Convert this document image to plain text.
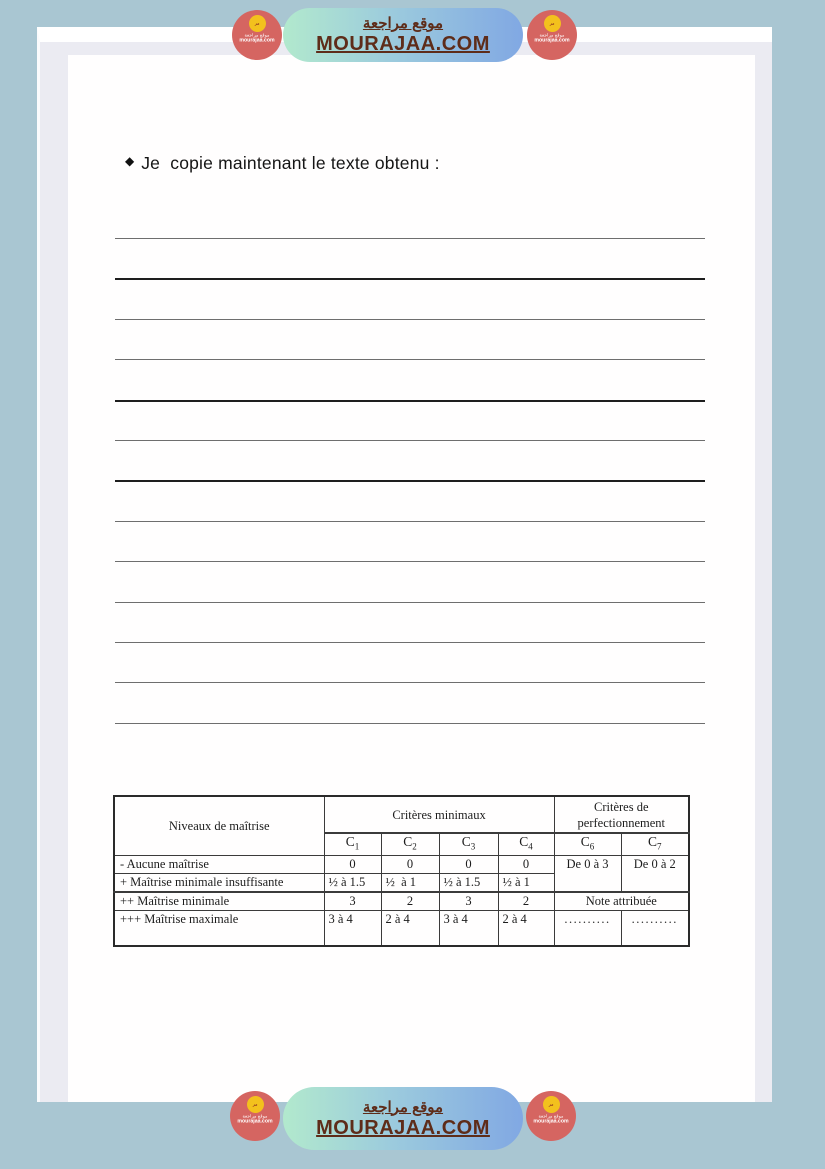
◆ Je  copie maintenant le texte obtenu :
Niveaux de maîtrise	Critères minimaux				Critères de perfectionnement	
	$C_1$	$C_2$	$C_3$	$C_4$	$C_6$	$C_7$
- Aucune maîtrise	0	0	0	0	De 0 à 3	De 0 à 2
+ Maîtrise minimale insuffisante	½ à 1.5	½  à 1	½ à 1.5	½ à 1		
++ Maîtrise minimale	3	2	3	2	Note attribuée	
+++ Maîtrise maximale	3 à 4	2 à 4	3 à 4	2 à 4	..........	..........
مر
موقع مراجعة
mourajaa.com
موقع مراجعة
MOURAJAA.COM
مر
موقع مراجعة
mourajaa.com
مر
موقع مراجعة
mourajaa.com
موقع مراجعة
MOURAJAA.COM
مر
موقع مراجعة
mourajaa.com
